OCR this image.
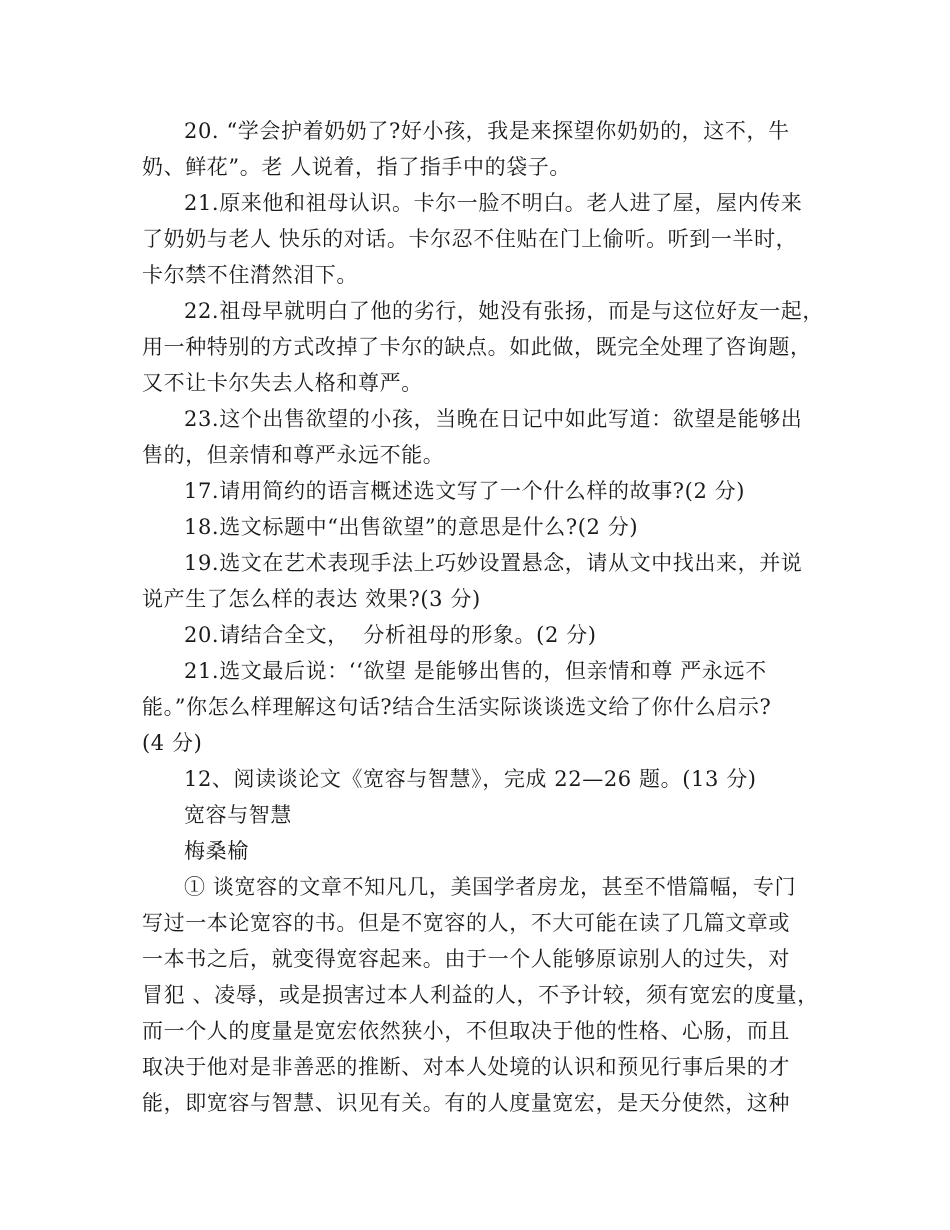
20. “学会护着奶奶了?好小孩，我是来探望你奶奶的，这不，牛
奶、鲜花”。老 人说着，指了指手中的袋子。
21.原来他和祖母认识。卡尔一脸不明白。老人进了屋，屋内传来
了奶奶与老人 快乐的对话。卡尔忍不住贴在门上偷听。听到一半时，
卡尔禁不住潸然泪下。
22.祖母早就明白了他的劣行，她没有张扬，而是与这位好友一起，
用一种特别的方式改掉了卡尔的缺点。如此做，既完全处理了咨询题，
又不让卡尔失去人格和尊严。
23.这个出售欲望的小孩，当晚在日记中如此写道：欲望是能够出
售的，但亲情和尊严永远不能。
17.请用简约的语言概述选文写了一个什么样的故事?(2 分)
18.选文标题中“出售欲望”的意思是什么?(2 分)
19.选文在艺术表现手法上巧妙设置悬念，请从文中找出来，并说
说产生了怎么样的表达 效果?(3 分)
20.请结合全文，  分析祖母的形象。(2 分)
21.选文最后说：‘‘欲望 是能够出售的，但亲情和尊 严永远不
能。”你怎么样理解这句话?结合生活实际谈谈选文给了你什么启示?
(4 分)
12、阅读谈论文《宽容与智慧》，完成 22—26 题。(13 分)
宽容与智慧
梅桑榆
① 谈宽容的文章不知凡几，美国学者房龙，甚至不惜篇幅，专门
写过一本论宽容的书。但是不宽容的人，不大可能在读了几篇文章或
一本书之后，就变得宽容起来。由于一个人能够原谅别人的过失，对
冒犯 、凌辱，或是损害过本人利益的人，不予计较，须有宽宏的度量，
而一个人的度量是宽宏依然狭小，不但取决于他的性格、心肠，而且
取决于他对是非善恶的推断、对本人处境的认识和预见行事后果的才
能，即宽容与智慧、识见有关。有的人度量宽宏，是天分使然，这种
